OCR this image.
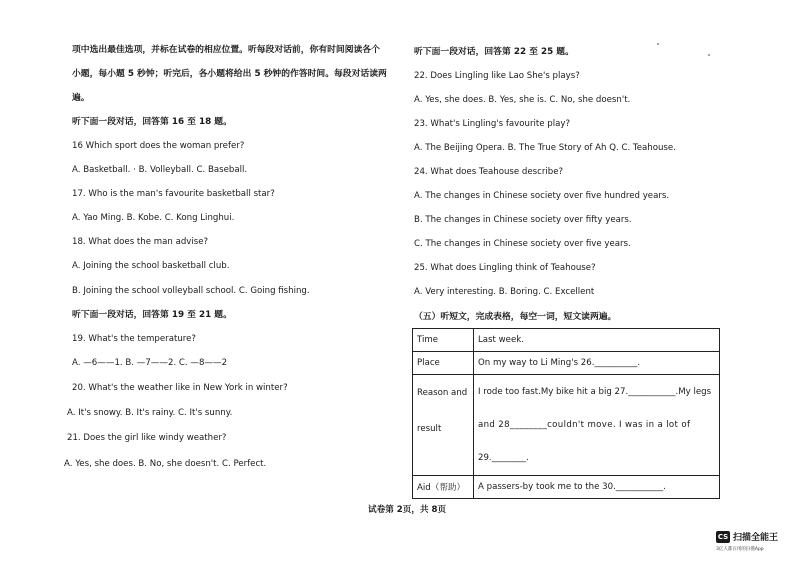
项中选出最佳选项，并标在试卷的相应位置。听每段对话前，你有时间阅读各个
小题，每小题 5 秒钟；听完后，各小题将给出 5 秒钟的作答时间。每段对话读两
遍。
听下面一段对话，回答第 16 至 18 题。
16 Which sport does the woman prefer?
A. Basketball. · B. Volleyball. C. Baseball.
17. Who is the man's favourite basketball star?
A. Yao Ming. B. Kobe. C. Kong Linghui.
18. What does the man advise?
A. Joining the school basketball club.
B. Joining the school volleyball school. C. Going fishing.
听下面一段对话，回答第 19 至 21 题。
19. What's the temperature?
A. —6——1. B. —7——2. C. —8——2
20. What's the weather like in New York in winter?
A. It's snowy. B. It's rainy. C. It's sunny.
21. Does the girl like windy weather?
A. Yes, she does. B. No, she doesn't. C. Perfect.
听下面一段对话，回答第 22 至 25 题。
22. Does Lingling like Lao She's plays?
A. Yes, she does. B. Yes, she is. C. No, she doesn't.
23. What's Lingling's favourite play?
A. The Beijing Opera. B. The True Story of Ah Q. C. Teahouse.
24. What does Teahouse describe?
A. The changes in Chinese society over five hundred years.
B. The changes in Chinese society over fifty years.
C. The changes in Chinese society over five years.
25. What does Lingling think of Teahouse?
A. Very interesting. B. Boring. C. Excellent
（五）听短文，完成表格，每空一词，短文读两遍。
Time	Last week.
Place	On my way to Li Ming's 26.__________.

Reason and
result	I rode too fast.My bike hit a big 27.___________.My legs
and 28________couldn't move. I was in a lot of
29.________.

Aid（帮助）	A passers-by took me to the 30.___________.
试卷第 2页，共 8页
CS 扫描全能王
3亿人都在用的扫描App
